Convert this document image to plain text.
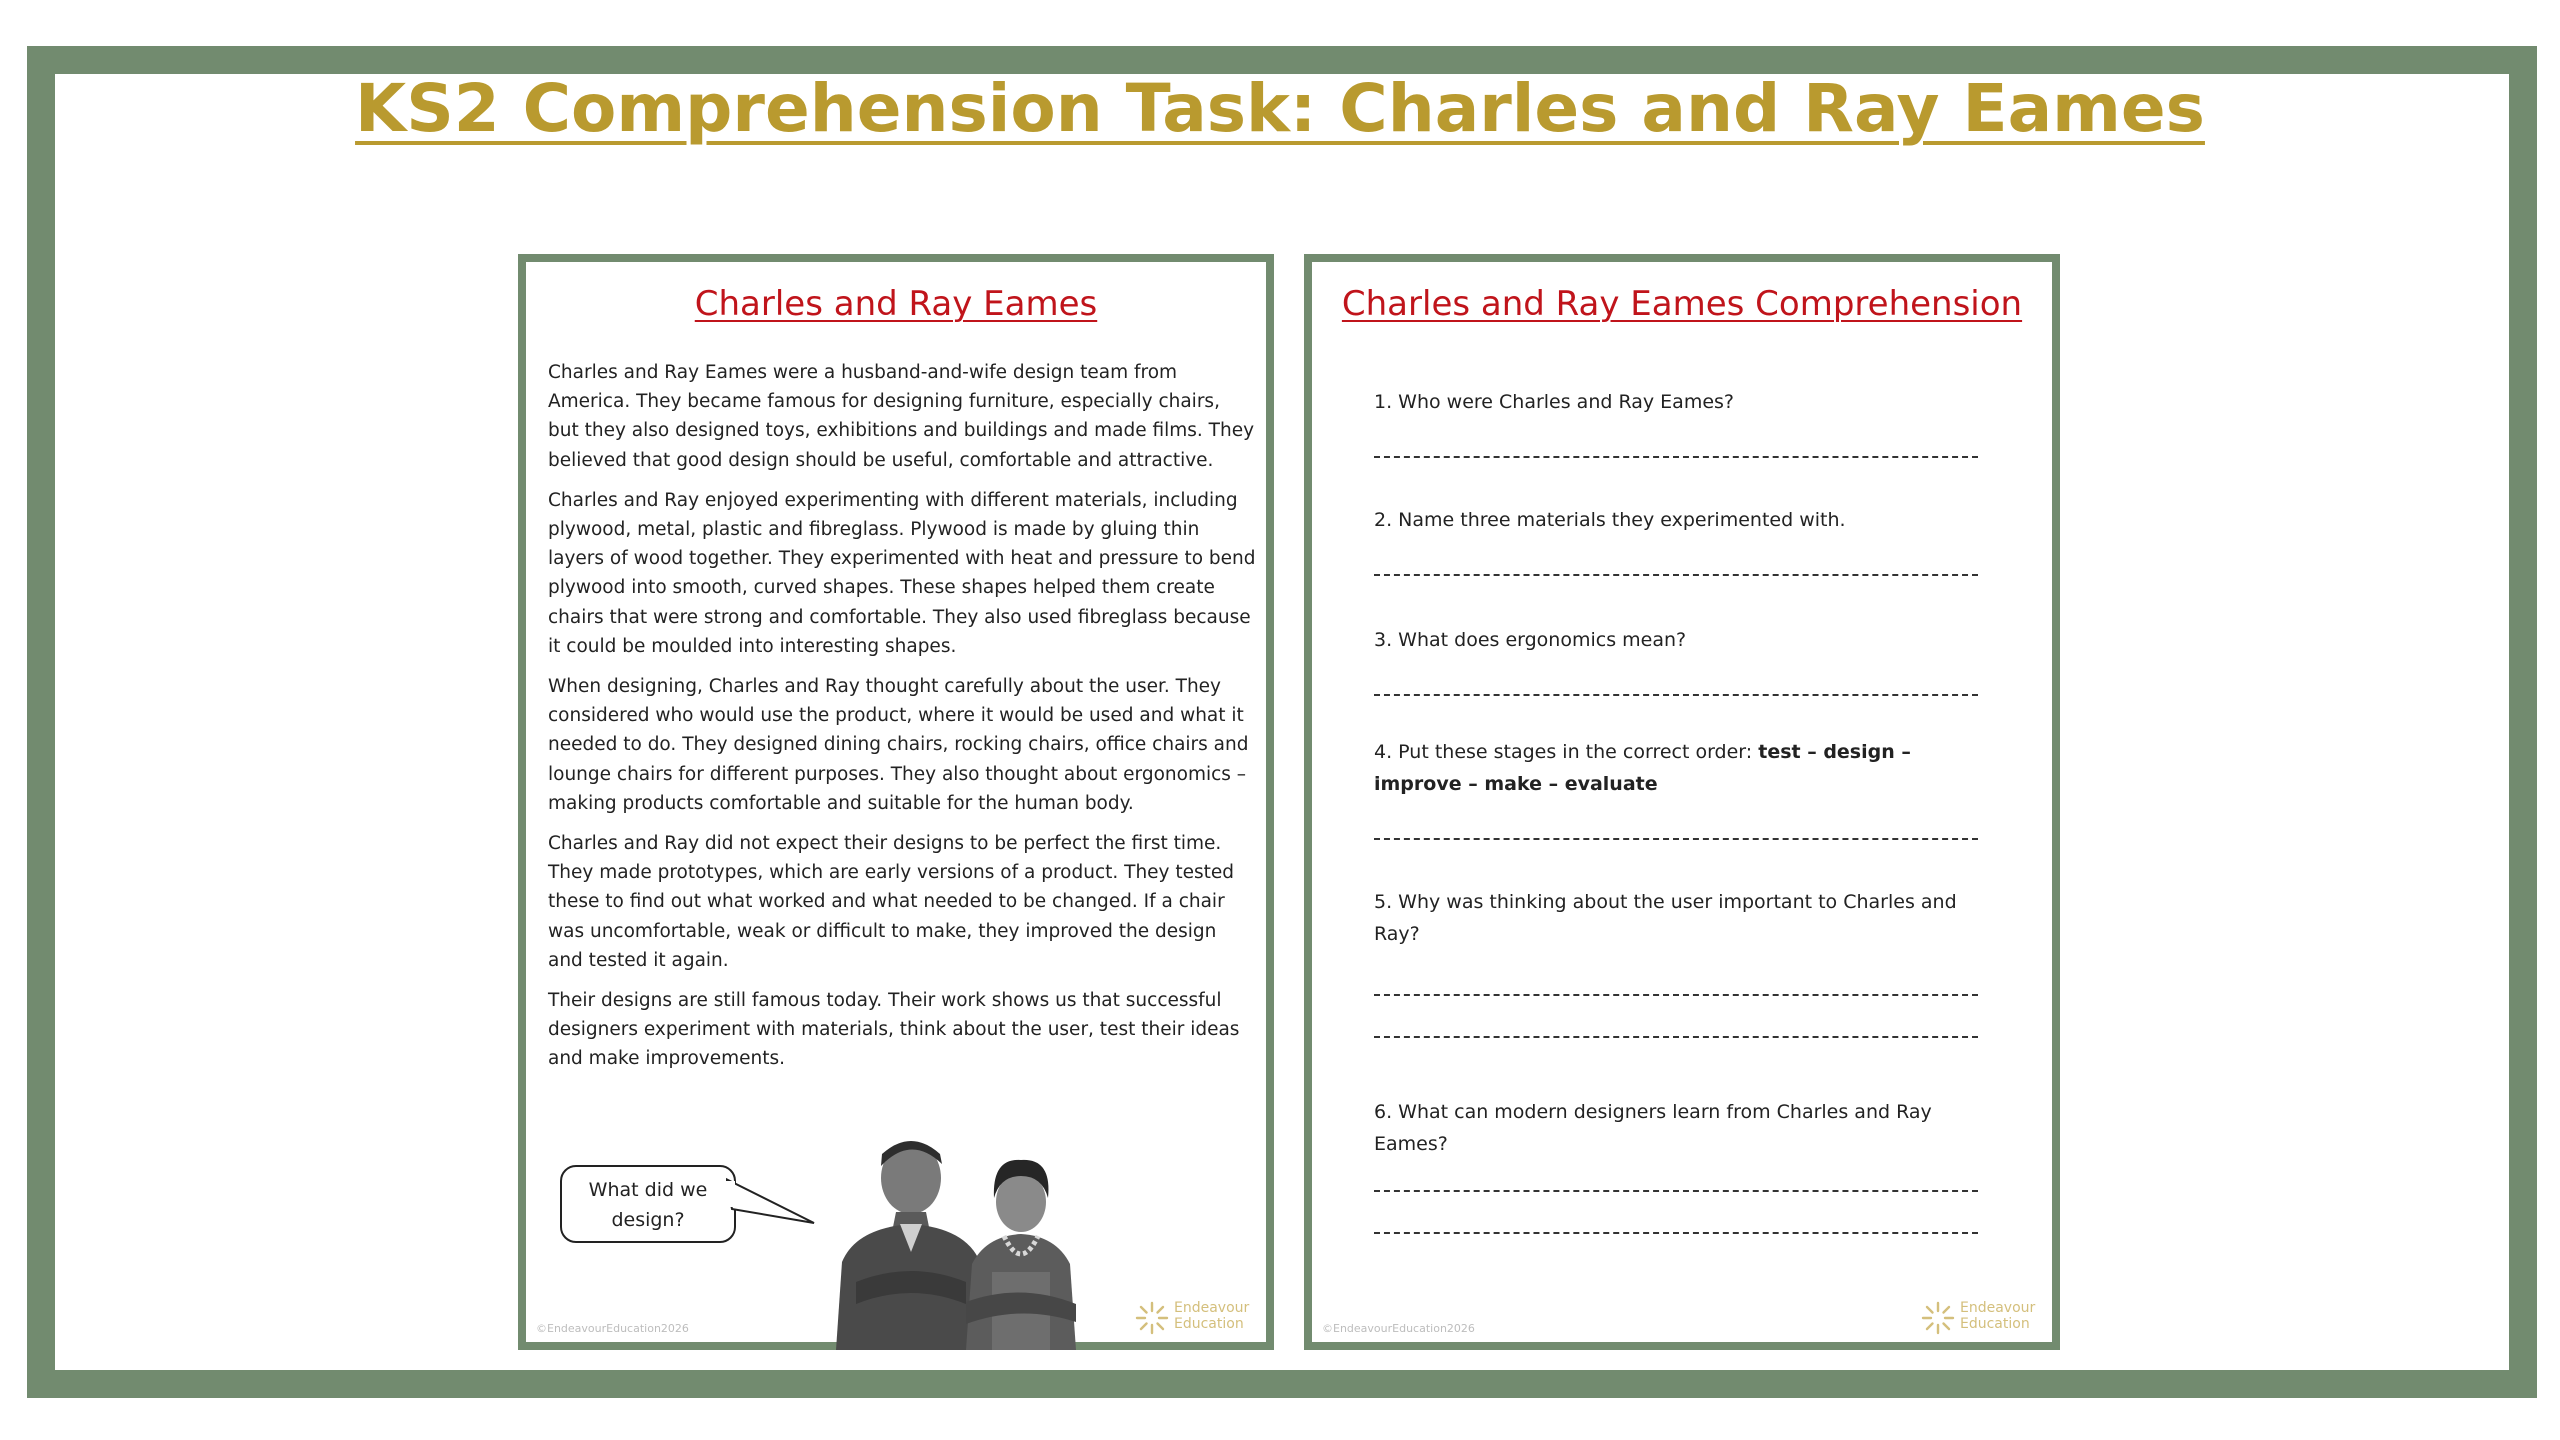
KS2 Comprehension Task: Charles and Ray Eames
Charles and Ray Eames

Charles and Ray Eames were a husband-and-wife design team from America. They became famous for designing furniture, especially chairs, but they also designed toys, exhibitions and buildings and made films. They believed that good design should be useful, comfortable and attractive.

Charles and Ray enjoyed experimenting with different materials, including plywood, metal, plastic and fibreglass. Plywood is made by gluing thin layers of wood together. They experimented with heat and pressure to bend plywood into smooth, curved shapes. These shapes helped them create chairs that were strong and comfortable. They also used fibreglass because it could be moulded into interesting shapes.

When designing, Charles and Ray thought carefully about the user. They considered who would use the product, where it would be used and what it needed to do. They designed dining chairs, rocking chairs, office chairs and lounge chairs for different purposes. They also thought about ergonomics – making products comfortable and suitable for the human body.

Charles and Ray did not expect their designs to be perfect the first time. They made prototypes, which are early versions of a product. They tested these to find out what worked and what needed to be changed. If a chair was uncomfortable, weak or difficult to make, they improved the design and tested it again.

Their designs are still famous today. Their work shows us that successful designers experiment with materials, think about the user, test their ideas and make improvements.

What did we
design?
Endeavour
Education
©EndeavourEducation2026
Charles and Ray Eames Comprehension
1. Who were Charles and Ray Eames?
2. Name three materials they experimented with.
3. What does ergonomics mean?
4. Put these stages in the correct order: test – design – improve – make – evaluate
5. Why was thinking about the user important to Charles and Ray?
6. What can modern designers learn from Charles and Ray Eames?
Endeavour
Education
©EndeavourEducation2026
